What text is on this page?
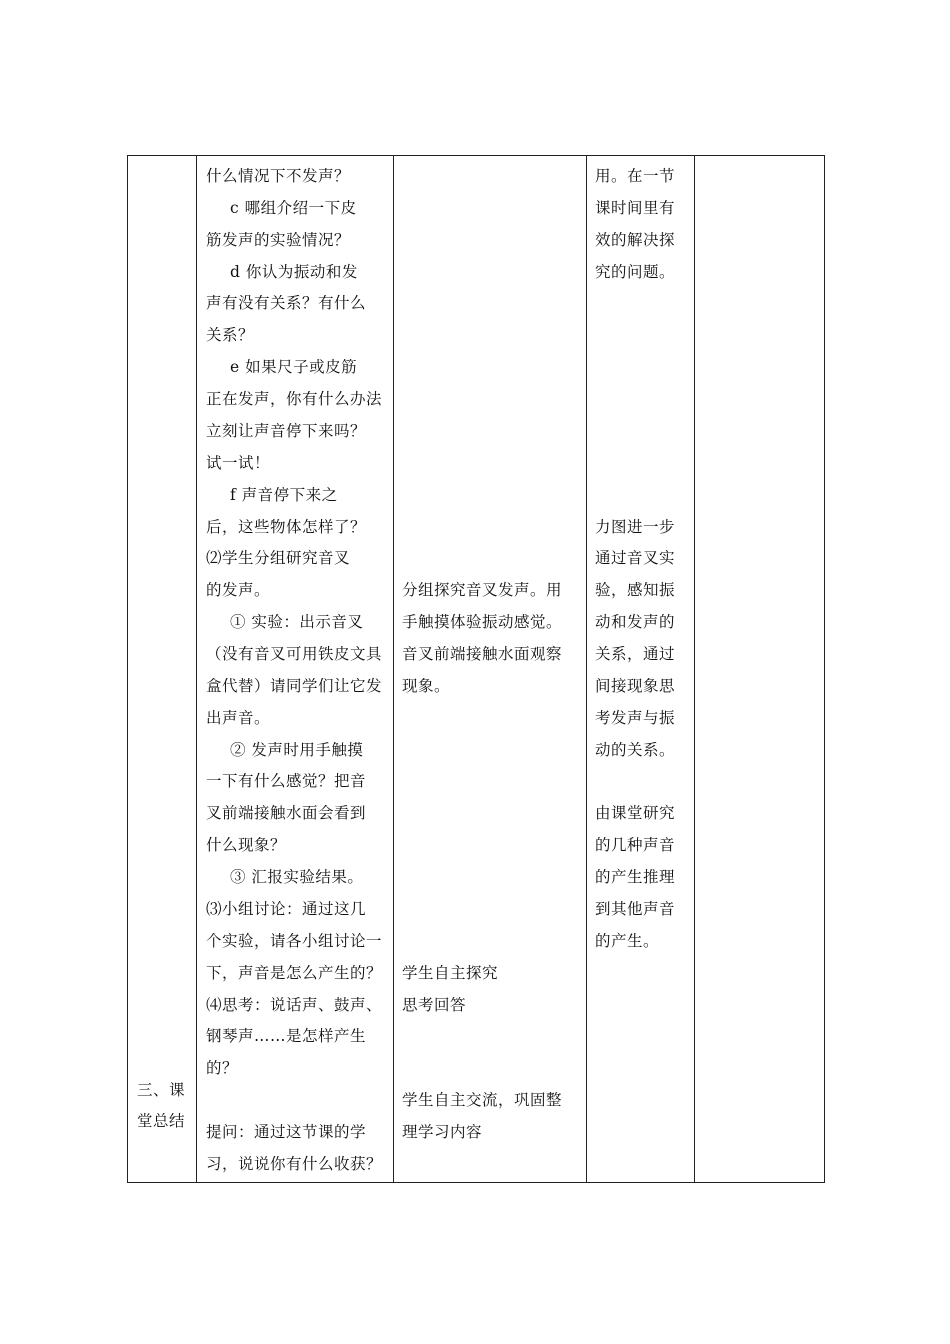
三、课
堂总结
什么情况下不发声？
c 哪组介绍一下皮
筋发声的实验情况？
d 你认为振动和发
声有没有关系？有什么
关系？
e 如果尺子或皮筋
正在发声，你有什么办法
立刻让声音停下来吗？
试一试！
f 声音停下来之
后，这些物体怎样了？
⑵学生分组研究音叉
的发声。
① 实验：出示音叉
（没有音叉可用铁皮文具
盒代替）请同学们让它发
出声音。
② 发声时用手触摸
一下有什么感觉？把音
叉前端接触水面会看到
什么现象？
③ 汇报实验结果。
⑶小组讨论：通过这几
个实验，请各小组讨论一
下，声音是怎么产生的？
⑷思考：说话声、鼓声、
钢琴声……是怎样产生
的？
提问：通过这节课的学
习，说说你有什么收获？
分组探究音叉发声。用
手触摸体验振动感觉。
音叉前端接触水面观察
现象。
学生自主探究
思考回答
学生自主交流，巩固整
理学习内容
用。在一节
课时间里有
效的解决探
究的问题。
力图进一步
通过音叉实
验，感知振
动和发声的
关系，通过
间接现象思
考发声与振
动的关系。
由课堂研究
的几种声音
的产生推理
到其他声音
的产生。
